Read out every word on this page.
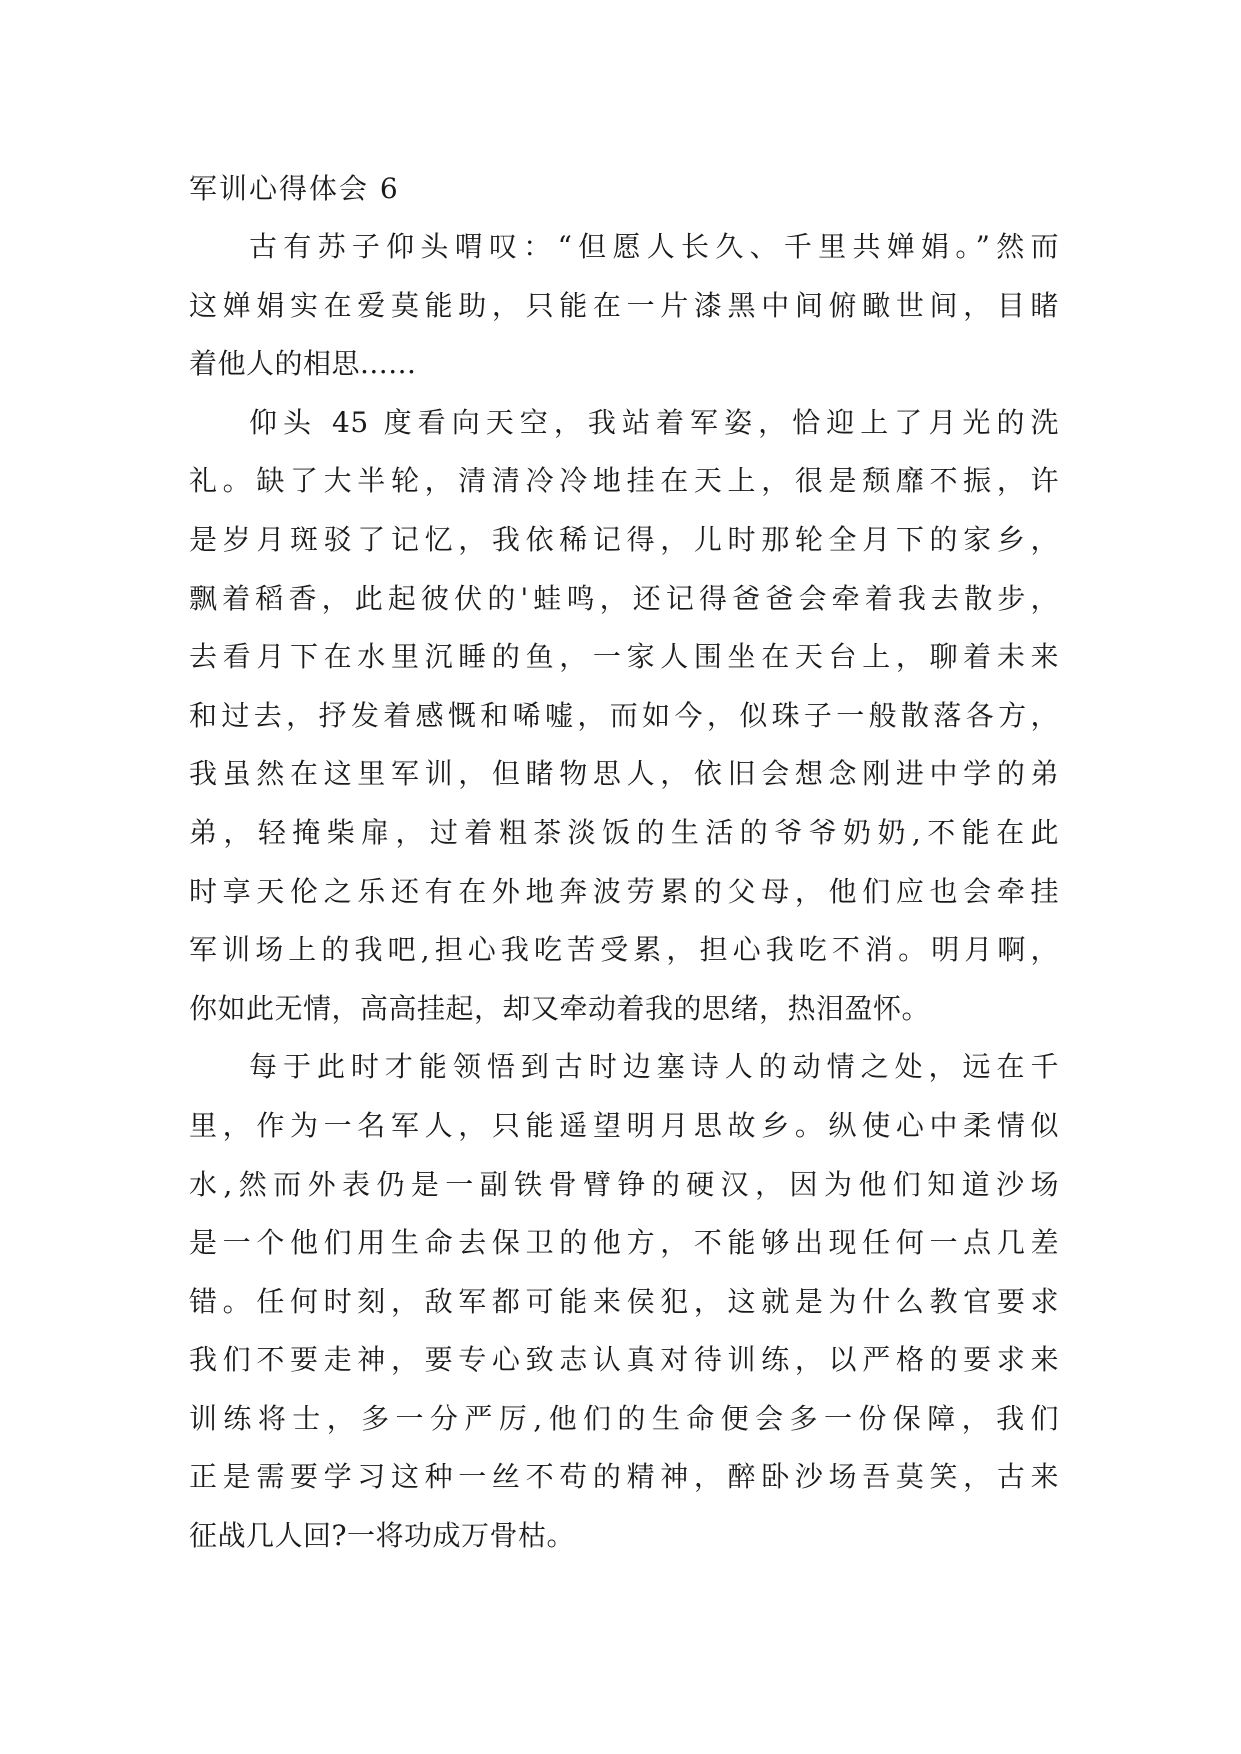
军训心得体会 6

古有苏子仰头喟叹：“但愿人长久、千里共婵娟。”然而
这婵娟实在爱莫能助，只能在一片漆黑中间俯瞰世间，目睹
着他人的相思......

仰头 45 度看向天空，我站着军姿，恰迎上了月光的洗
礼。缺了大半轮，清清冷冷地挂在天上，很是颓靡不振，许
是岁月斑驳了记忆，我依稀记得，儿时那轮全月下的家乡，
飘着稻香，此起彼伏的'蛙鸣，还记得爸爸会牵着我去散步，
去看月下在水里沉睡的鱼，一家人围坐在天台上，聊着未来
和过去，抒发着感慨和唏嘘，而如今，似珠子一般散落各方，
我虽然在这里军训，但睹物思人，依旧会想念刚进中学的弟
弟，轻掩柴扉，过着粗茶淡饭的生活的爷爷奶奶,不能在此
时享天伦之乐还有在外地奔波劳累的父母，他们应也会牵挂
军训场上的我吧,担心我吃苦受累，担心我吃不消。明月啊，
你如此无情，高高挂起，却又牵动着我的思绪，热泪盈怀。

每于此时才能领悟到古时边塞诗人的动情之处，远在千
里，作为一名军人，只能遥望明月思故乡。纵使心中柔情似
水,然而外表仍是一副铁骨臂铮的硬汉，因为他们知道沙场
是一个他们用生命去保卫的他方，不能够出现任何一点几差
错。任何时刻，敌军都可能来侯犯，这就是为什么教官要求
我们不要走神，要专心致志认真对待训练，以严格的要求来
训练将士，多一分严厉,他们的生命便会多一份保障，我们
正是需要学习这种一丝不苟的精神，醉卧沙场吾莫笑，古来
征战几人回?一将功成万骨枯。
